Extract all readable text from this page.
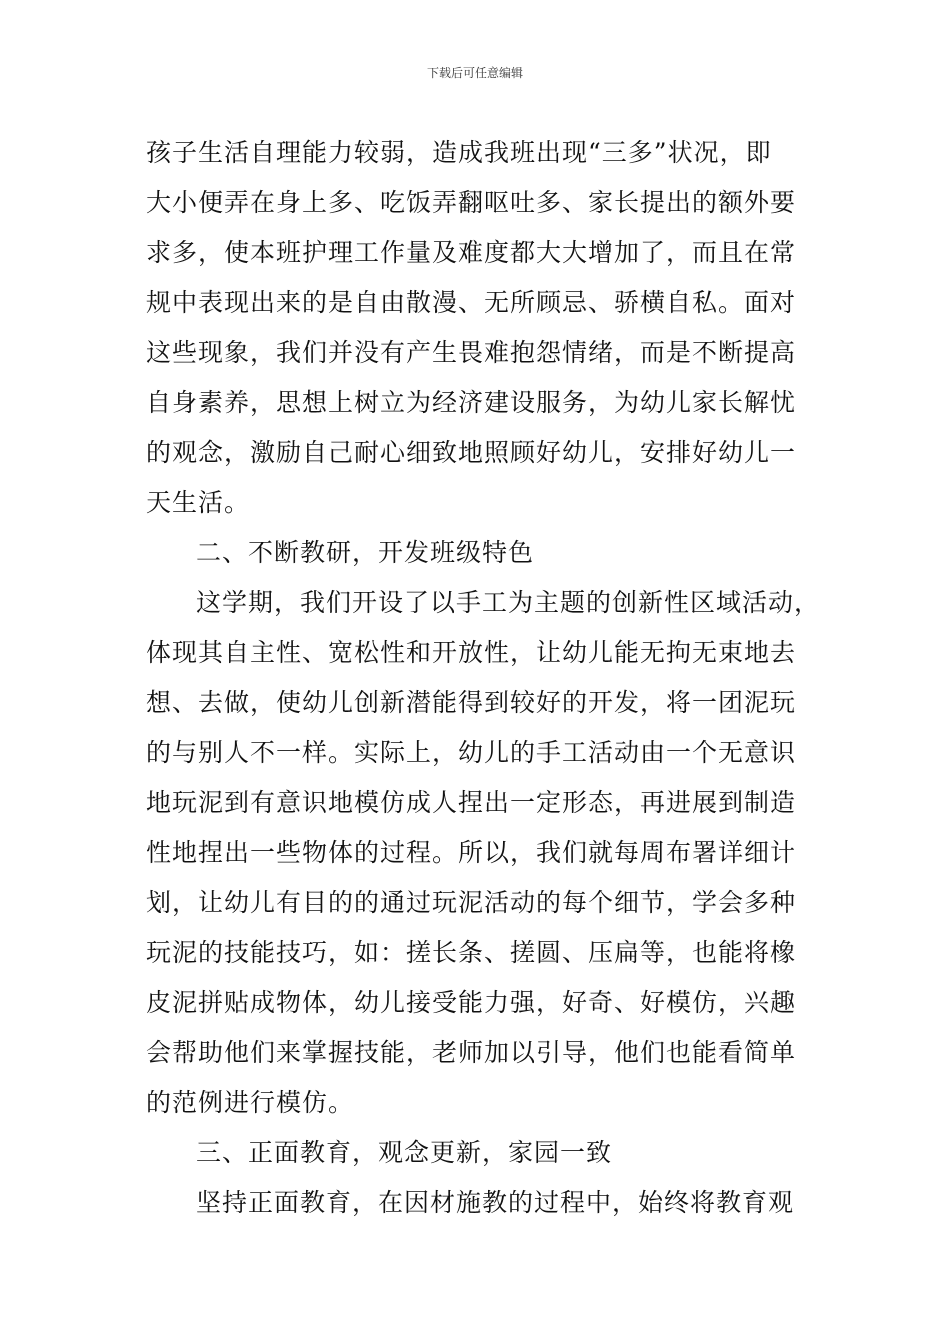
下载后可任意编辑
孩子生活自理能力较弱，造成我班出现“三多”状况，即
大小便弄在身上多、吃饭弄翻呕吐多、家长提出的额外要
求多，使本班护理工作量及难度都大大增加了，而且在常
规中表现出来的是自由散漫、无所顾忌、骄横自私。面对
这些现象，我们并没有产生畏难抱怨情绪，而是不断提高
自身素养，思想上树立为经济建设服务，为幼儿家长解忧
的观念，激励自己耐心细致地照顾好幼儿，安排好幼儿一
天生活。
二、不断教研，开发班级特色
这学期，我们开设了以手工为主题的创新性区域活动，
体现其自主性、宽松性和开放性，让幼儿能无拘无束地去
想、去做，使幼儿创新潜能得到较好的开发，将一团泥玩
的与别人不一样。实际上，幼儿的手工活动由一个无意识
地玩泥到有意识地模仿成人捏出一定形态，再进展到制造
性地捏出一些物体的过程。所以，我们就每周布署详细计
划，让幼儿有目的的通过玩泥活动的每个细节，学会多种
玩泥的技能技巧，如：搓长条、搓圆、压扁等，也能将橡
皮泥拼贴成物体，幼儿接受能力强，好奇、好模仿，兴趣
会帮助他们来掌握技能，老师加以引导，他们也能看简单
的范例进行模仿。
三、正面教育，观念更新，家园一致
坚持正面教育，在因材施教的过程中，始终将教育观
